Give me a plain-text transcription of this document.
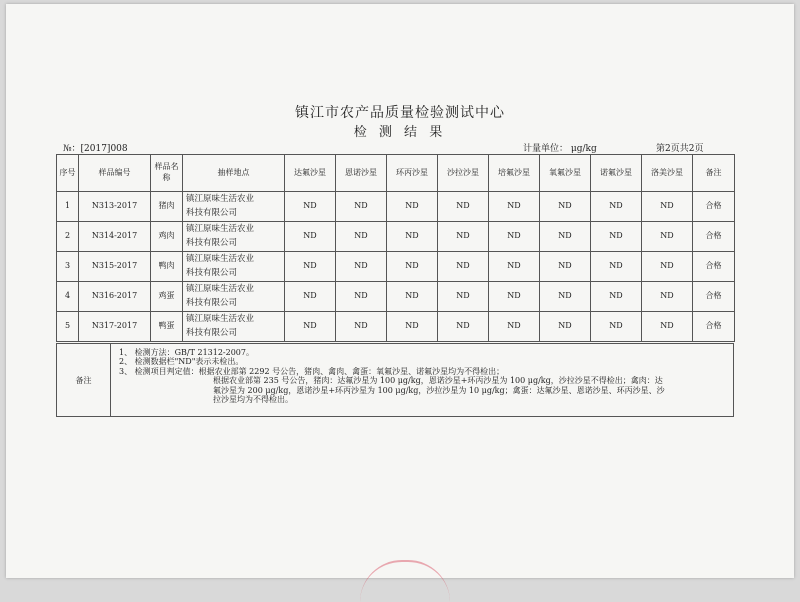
镇江市农产品质量检验测试中心
检 测 结 果
№：[2017]008	计量单位： μg/kg	第2页共2页
序号	样品编号	样品名称	抽样地点	达氟沙星	恩诺沙星	环丙沙星	沙拉沙星	培氟沙星	氧氟沙星	诺氟沙星	洛美沙星	备注
1	N313-2017	猪肉	镇江原味生活农业
科技有限公司	ND	ND	ND	ND	ND	ND	ND	ND	合格
2	N314-2017	鸡肉	镇江原味生活农业
科技有限公司	ND	ND	ND	ND	ND	ND	ND	ND	合格
3	N315-2017	鸭肉	镇江原味生活农业
科技有限公司	ND	ND	ND	ND	ND	ND	ND	ND	合格
4	N316-2017	鸡蛋	镇江原味生活农业
科技有限公司	ND	ND	ND	ND	ND	ND	ND	ND	合格
5	N317-2017	鸭蛋	镇江原味生活农业
科技有限公司	ND	ND	ND	ND	ND	ND	ND	ND	合格
备注	
1、 检测方法：GB/T 21312-2007。
2、 检测数据栏"ND"表示未检出。
3、 检测项目判定值：根据农业部第 2292 号公告，猪肉、禽肉、禽蛋：氧氟沙星、诺氟沙星均为不得检出；
根据农业部第 235 号公告，猪肉：达氟沙星为 100 μg/kg，恩诺沙星+环丙沙星为 100 μg/kg，沙拉沙星不得检出；禽肉：达
氟沙星为 200 μg/kg，恩诺沙星+环丙沙星为 100 μg/kg，沙拉沙星为 10 μg/kg；禽蛋：达氟沙星、恩诺沙星、环丙沙星、沙
拉沙星均为不得检出。
